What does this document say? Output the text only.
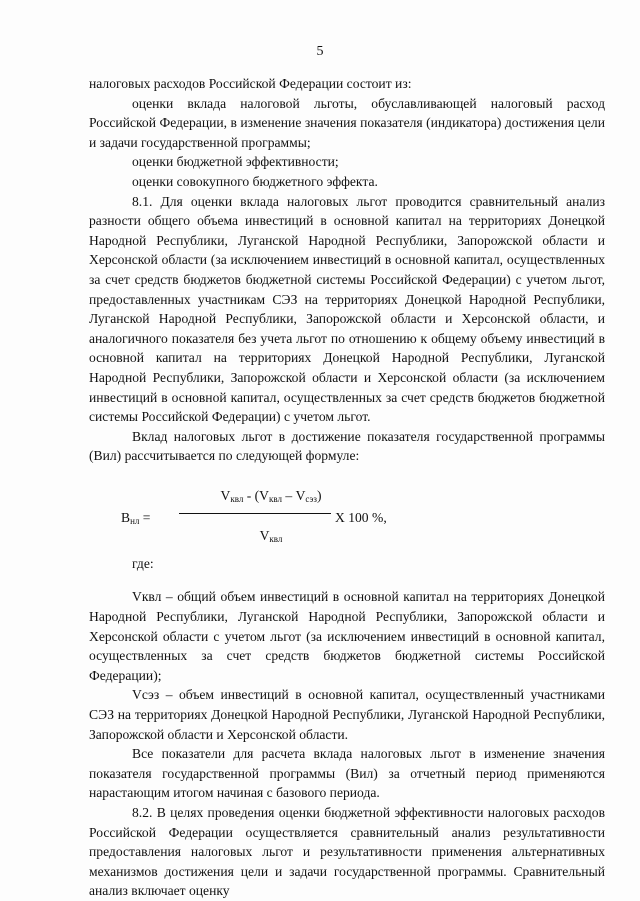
5

налоговых расходов Российской Федерации состоит из:

оценки вклада налоговой льготы, обуславливающей налоговый расход Российской Федерации, в изменение значения показателя (индикатора) достижения цели и задачи государственной программы;

оценки бюджетной эффективности;

оценки совокупного бюджетного эффекта.

8.1. Для оценки вклада налоговых льгот проводится сравнительный анализ разности общего объема инвестиций в основной капитал на территориях Донецкой Народной Республики, Луганской Народной Республики, Запорожской области и Херсонской области (за исключением инвестиций в основной капитал, осуществленных за счет средств бюджетов бюджетной системы Российской Федерации) с учетом льгот, предоставленных участникам СЭЗ на территориях Донецкой Народной Республики, Луганской Народной Республики, Запорожской области и Херсонской области, и аналогичного показателя без учета льгот по отношению к общему объему инвестиций в основной капитал на территориях Донецкой Народной Республики, Луганской Народной Республики, Запорожской области и Херсонской области (за исключением инвестиций в основной капитал, осуществленных за счет средств бюджетов бюджетной системы Российской Федерации) с учетом льгот.

Вклад налоговых льгот в достижение показателя государственной программы (Вил) рассчитывается по следующей формуле:

$В_{нл}$ =
$V_{квл} - (V_{квл} - V_{сэз})$
$V_{квл}$
Х 100 %,

где:

Vквл – общий объем инвестиций в основной капитал на территориях Донецкой Народной Республики, Луганской Народной Республики, Запорожской области и Херсонской области с учетом льгот (за исключением инвестиций в основной капитал, осуществленных за счет средств бюджетов бюджетной системы Российской Федерации);

Vсэз – объем инвестиций в основной капитал, осуществленный участниками СЭЗ на территориях Донецкой Народной Республики, Луганской Народной Республики, Запорожской области и Херсонской области.

Все показатели для расчета вклада налоговых льгот в изменение значения показателя государственной программы (Вил) за отчетный период применяются нарастающим итогом начиная с базового периода.

8.2. В целях проведения оценки бюджетной эффективности налоговых расходов Российской Федерации осуществляется сравнительный анализ результативности предоставления налоговых льгот и результативности применения альтернативных механизмов достижения цели и задачи государственной программы. Сравнительный анализ включает оценку
